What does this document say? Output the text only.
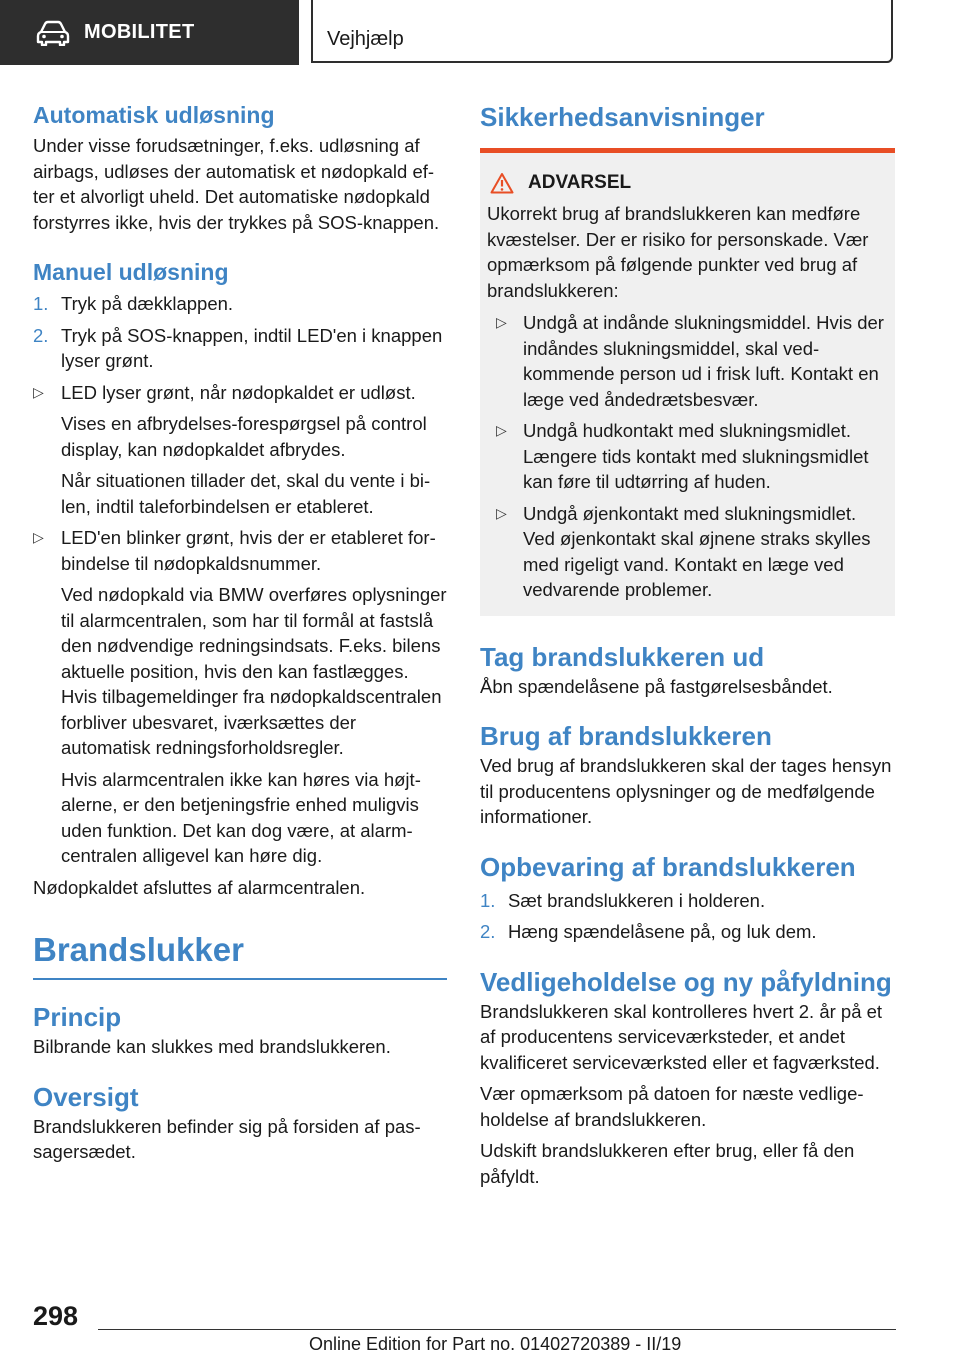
MOBILITET	Vejhjælp
Automatisk udløsning

Under visse forudsætninger, f.eks. udløsning af airbags, udløses der automatisk et nødopkald efter et alvorligt uheld. Det automatiske nødopkald forstyrres ikke, hvis der trykkes på SOS-knappen.

Manuel udløsning
1. Tryk på dækklappen.
2. Tryk på SOS-knappen, indtil LED'en i knappen lyser grønt.
▷ LED lyser grønt, når nødopkaldet er udløst.

Vises en afbrydelses-forespørgsel på control display, kan nødopkaldet afbrydes.

Når situationen tillader det, skal du vente i bilen, indtil taleforbindelsen er etableret.

▷ LED'en blinker grønt, hvis der er etableret forbindelse til nødopkaldsnummer.

Ved nødopkald via BMW overføres oplysninger til alarmcentralen, som har til formål at fastslå den nødvendige redningsindsats. F.eks. bilens aktuelle position, hvis den kan fastlægges. Hvis tilbagemeldinger fra nødopkaldscentralen forbliver ubesvaret, iværksættes der automatisk redningsforholdsregler.

Hvis alarmcentralen ikke kan høres via højtalerne, er den betjeningsfrie enhed muligvis uden funktion. Det kan dog være, at alarmcentralen alligevel kan høre dig.

Nødopkaldet afsluttes af alarmcentralen.

Brandslukker
Princip

Bilbrande kan slukkes med brandslukkeren.

Oversigt

Brandslukkeren befinder sig på forsiden af passagersædet.

Sikkerhedsanvisninger
ADVARSEL

Ukorrekt brug af brandslukkeren kan medføre kvæstelser. Der er risiko for personskade. Vær opmærksom på følgende punkter ved brug af brandslukkeren:

▷ Undgå at indånde slukningsmiddel. Hvis der indåndes slukningsmiddel, skal vedkommende person ud i frisk luft. Kontakt en læge ved åndedrætsbesvær.
▷ Undgå hudkontakt med slukningsmidlet. Længere tids kontakt med slukningsmidlet kan føre til udtørring af huden.
▷ Undgå øjenkontakt med slukningsmidlet. Ved øjenkontakt skal øjnene straks skylles med rigeligt vand. Kontakt en læge ved vedvarende problemer.
Tag brandslukkeren ud

Åbn spændelåsene på fastgørelsesbåndet.

Brug af brandslukkeren

Ved brug af brandslukkeren skal der tages hensyn til producentens oplysninger og de medfølgende informationer.

Opbevaring af brandslukkeren
1. Sæt brandslukkeren i holderen.
2. Hæng spændelåsene på, og luk dem.
Vedligeholdelse og ny påfyldning

Brandslukkeren skal kontrolleres hvert 2. år på et af producentens serviceværksteder, et andet kvalificeret serviceværksted eller et fagværksted.

Vær opmærksom på datoen for næste vedligeholdelse af brandslukkeren.

Udskift brandslukkeren efter brug, eller få den påfyldt.

298
Online Edition for Part no. 01402720389 - II/19
